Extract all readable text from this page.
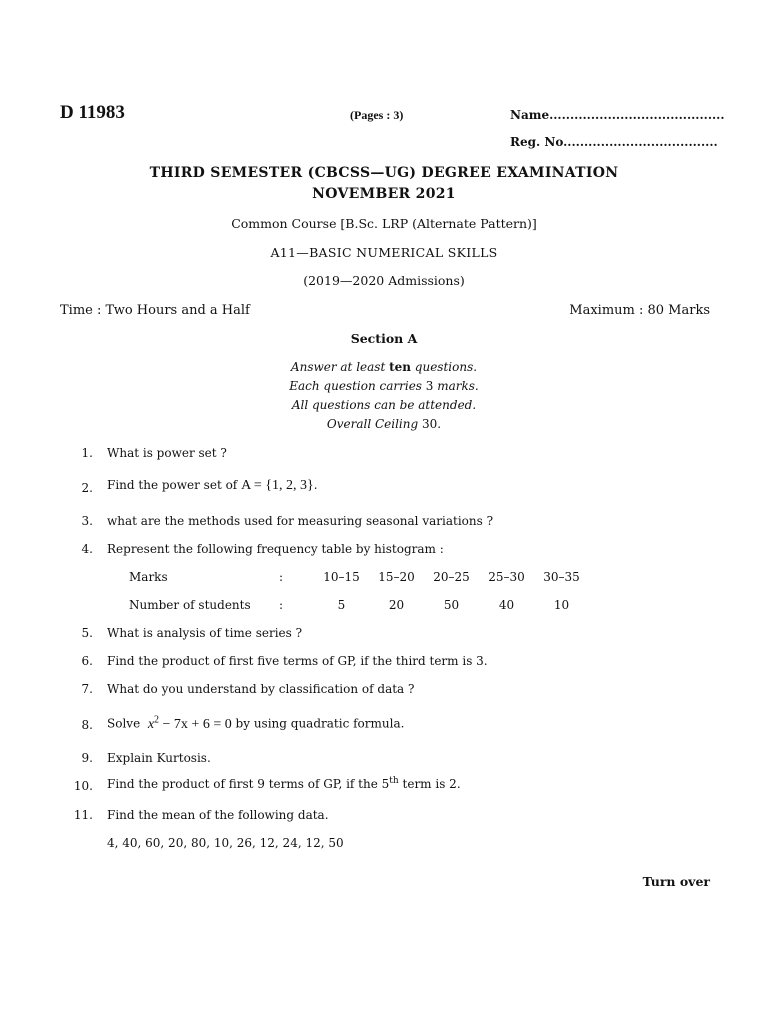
D 11983	(Pages : 3)	Name..........................................
Reg. No.....................................
THIRD SEMESTER (CBCSS—UG) DEGREE EXAMINATION
NOVEMBER 2021
Common Course [B.Sc. LRP (Alternate Pattern)]
A11—BASIC NUMERICAL SKILLS
(2019—2020 Admissions)
Time : Two Hours and a Half	Maximum : 80 Marks
Section A
Answer at least ten questions.
Each question carries 3 marks.
All questions can be attended.
Overall Ceiling 30.
1. What is power set ?
2. Find the power set of A = {1, 2, 3}.
3. what are the methods used for measuring seasonal variations ?
4. Represent the following frequency table by histogram :
Marks	:	10–15	15–20	20–25	25–30	30–35
Number of students :	5	20	50	40	10
5. What is analysis of time series ?
6. Find the product of first five terms of GP, if the third term is 3.
7. What do you understand by classification of data ?
8. Solve $x^2 - 7x + 6 = 0$ by using quadratic formula.
9. Explain Kurtosis.
10. Find the product of first 9 terms of GP, if the 5th term is 2.
11. Find the mean of the following data.
4, 40, 60, 20, 80, 10, 26, 12, 24, 12, 50
Turn over
